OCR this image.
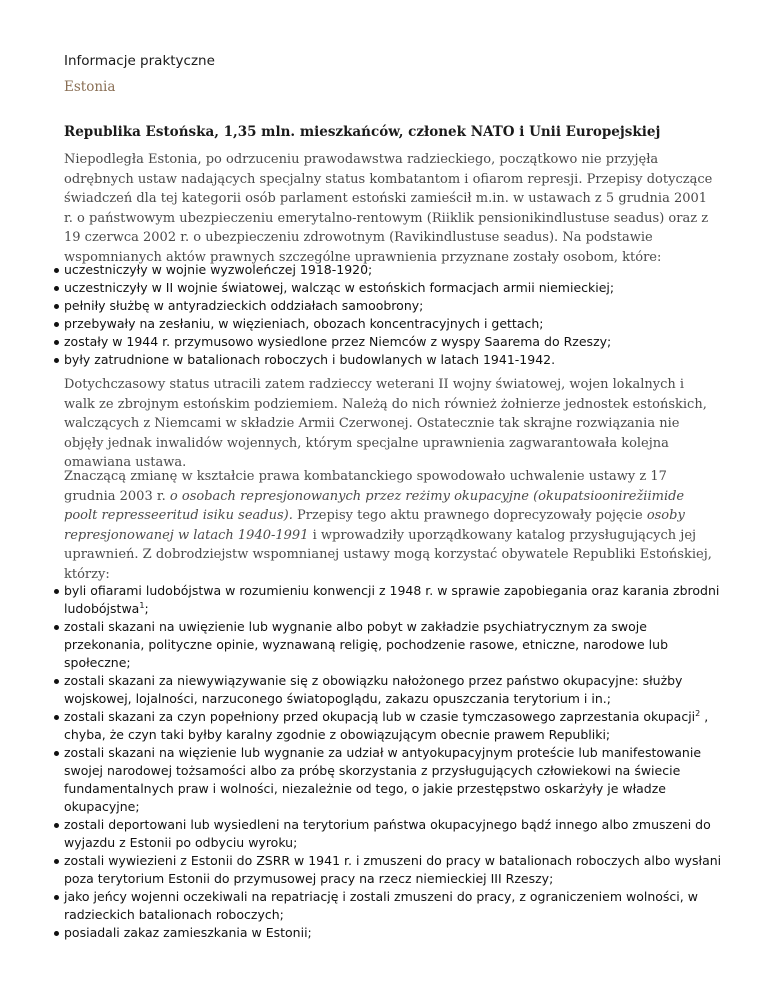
Informacje praktyczne

Estonia

Republika Estońska, 1,35 mln. mieszkańców, członek NATO i Unii Europejskiej

Niepodległa Estonia, po odrzuceniu prawodawstwa radzieckiego, początkowo nie przyjęła odrębnych ustaw nadających specjalny status kombatantom i ofiarom represji. Przepisy dotyczące świadczeń dla tej kategorii osób parlament estoński zamieścił m.in. w ustawach z 5 grudnia 2001 r. o państwowym ubezpieczeniu emerytalno-rentowym (Riiklik pensionikindlustuse seadus) oraz z 19 czerwca 2002 r. o ubezpieczeniu zdrowotnym (Ravikindlustuse seadus). Na podstawie wspomnianych aktów prawnych szczególne uprawnienia przyznane zostały osobom, które:

uczestniczyły w wojnie wyzwoleńczej 1918-1920;
uczestniczyły w II wojnie światowej, walcząc w estońskich formacjach armii niemieckiej;
pełniły służbę w antyradzieckich oddziałach samoobrony;
przebywały na zesłaniu, w więzieniach, obozach koncentracyjnych i gettach;
zostały w 1944 r. przymusowo wysiedlone przez Niemców z wyspy Saarema do Rzeszy;
były zatrudnione w batalionach roboczych i budowlanych w latach 1941-1942.

Dotychczasowy status utracili zatem radzieccy weterani II wojny światowej, wojen lokalnych i walk ze zbrojnym estońskim podziemiem. Należą do nich również żołnierze jednostek estońskich, walczących z Niemcami w składzie Armii Czerwonej. Ostatecznie tak skrajne rozwiązania nie objęły jednak inwalidów wojennych, którym specjalne uprawnienia zagwarantowała kolejna omawiana ustawa.

Znaczącą zmianę w kształcie prawa kombatanckiego spowodowało uchwalenie ustawy z 17 grudnia 2003 r. o osobach represjonowanych przez reżimy okupacyjne (okupatsioonirežiimide poolt represseeritud isiku seadus). Przepisy tego aktu prawnego doprecyzowały pojęcie osoby represjonowanej w latach 1940-1991 i wprowadziły uporządkowany katalog przysługujących jej uprawnień. Z dobrodziejstw wspomnianej ustawy mogą korzystać obywatele Republiki Estońskiej, którzy:

byli ofiarami ludobójstwa w rozumieniu konwencji z 1948 r. w sprawie zapobiegania oraz karania zbrodni ludobójstwa$^1$;
zostali skazani na uwięzienie lub wygnanie albo pobyt w zakładzie psychiatrycznym za swoje przekonania, polityczne opinie, wyznawaną religię, pochodzenie rasowe, etniczne, narodowe lub społeczne;
zostali skazani za niewywiązywanie się z obowiązku nałożonego przez państwo okupacyjne: służby wojskowej, lojalności, narzuconego światopoglądu, zakazu opuszczania terytorium i in.;
zostali skazani za czyn popełniony przed okupacją lub w czasie tymczasowego zaprzestania okupacji$^2$ , chyba, że czyn taki byłby karalny zgodnie z obowiązującym obecnie prawem Republiki;
zostali skazani na więzienie lub wygnanie za udział w antyokupacyjnym proteście lub manifestowanie swojej narodowej tożsamości albo za próbę skorzystania z przysługujących człowiekowi na świecie fundamentalnych praw i wolności, niezależnie od tego, o jakie przestępstwo oskarżyły je władze okupacyjne;
zostali deportowani lub wysiedleni na terytorium państwa okupacyjnego bądź innego albo zmuszeni do wyjazdu z Estonii po odbyciu wyroku;
zostali wywiezieni z Estonii do ZSRR w 1941 r. i zmuszeni do pracy w batalionach roboczych albo wysłani poza terytorium Estonii do przymusowej pracy na rzecz niemieckiej III Rzeszy;
jako jeńcy wojenni oczekiwali na repatriację i zostali zmuszeni do pracy, z ograniczeniem wolności, w radzieckich batalionach roboczych;
posiadali zakaz zamieszkania w Estonii;
